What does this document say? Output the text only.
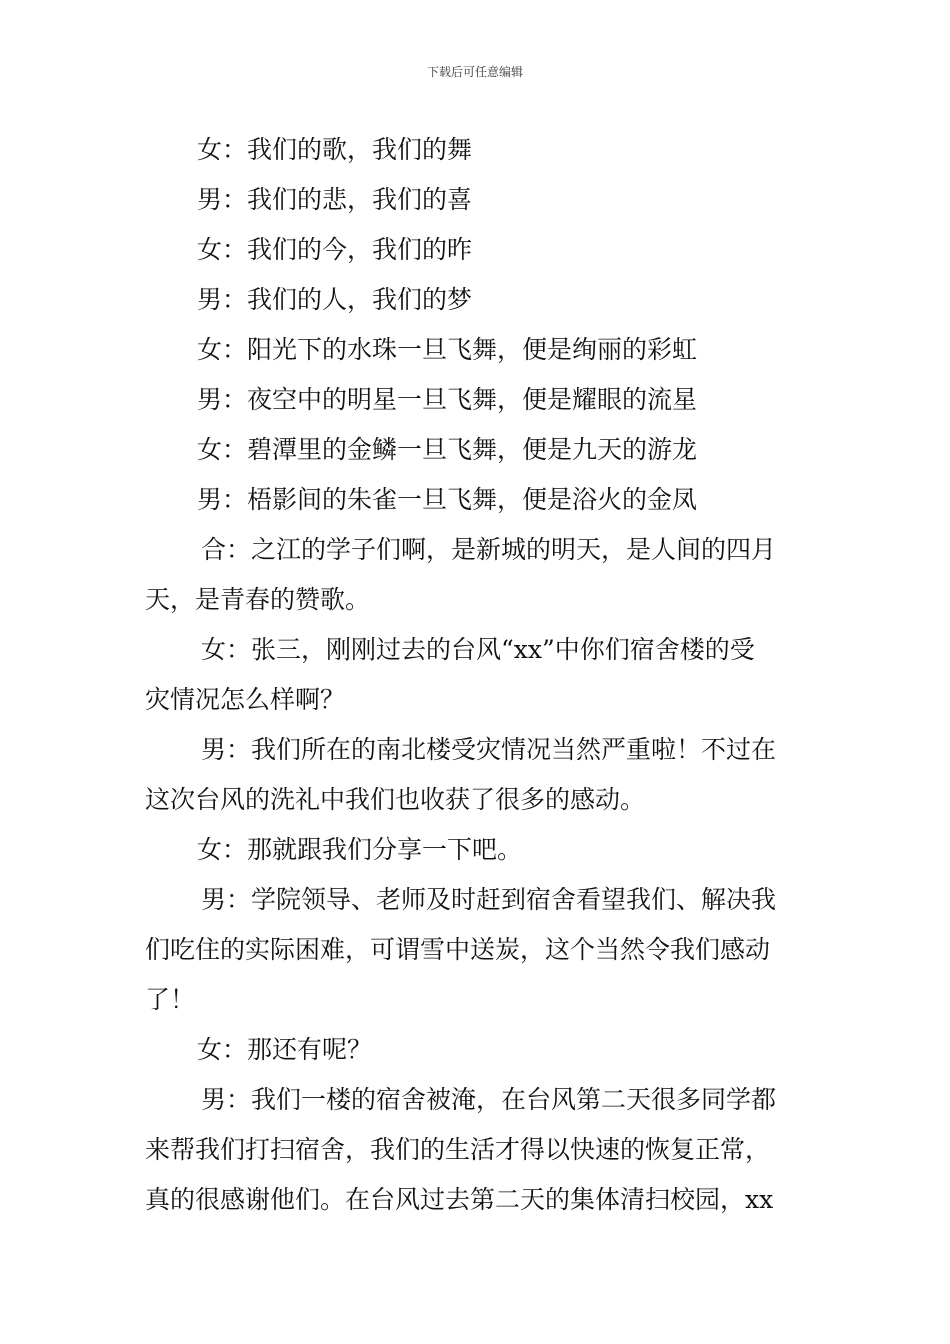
下载后可任意编辑
女：我们的歌，我们的舞
男：我们的悲，我们的喜
女：我们的今，我们的昨
男：我们的人，我们的梦
女：阳光下的水珠一旦飞舞，便是绚丽的彩虹
男：夜空中的明星一旦飞舞，便是耀眼的流星
女：碧潭里的金鳞一旦飞舞，便是九天的游龙
男：梧影间的朱雀一旦飞舞，便是浴火的金凤
合：之江的学子们啊，是新城的明天，是人间的四月
天，是青春的赞歌。
女：张三，刚刚过去的台风“xx”中你们宿舍楼的受
灾情况怎么样啊？
男：我们所在的南北楼受灾情况当然严重啦！不过在
这次台风的洗礼中我们也收获了很多的感动。
女：那就跟我们分享一下吧。
男：学院领导、老师及时赶到宿舍看望我们、解决我
们吃住的实际困难，可谓雪中送炭，这个当然令我们感动
了！
女：那还有呢？
男：我们一楼的宿舍被淹，在台风第二天很多同学都
来帮我们打扫宿舍，我们的生活才得以快速的恢复正常，
真的很感谢他们。在台风过去第二天的集体清扫校园，xx
